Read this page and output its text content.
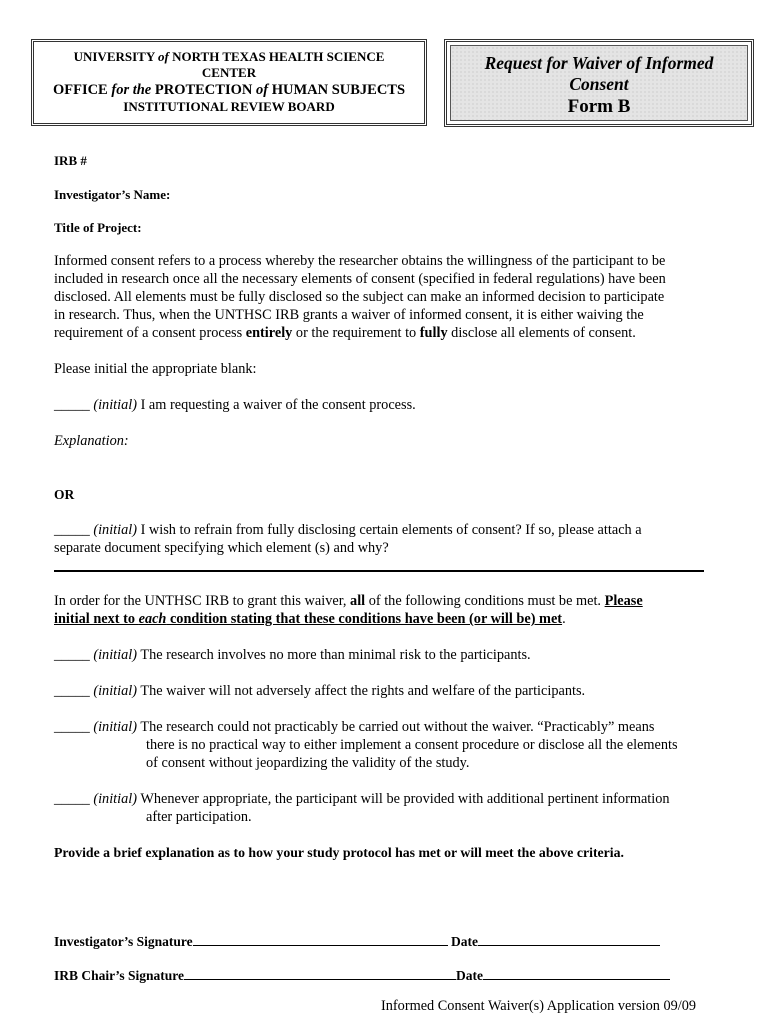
UNIVERSITY of NORTH TEXAS HEALTH SCIENCE
CENTER
OFFICE for the PROTECTION of HUMAN SUBJECTS
INSTITUTIONAL REVIEW BOARD
Request for Waiver of Informed
Consent
Form B
IRB #
Investigator’s Name:
Title of Project:
Informed consent refers to a process whereby the researcher obtains the willingness of the participant to be
included in research once all the necessary elements of consent (specified in federal regulations) have been
disclosed. All elements must be fully disclosed so the subject can make an informed decision to participate
in research. Thus, when the UNTHSC IRB grants a waiver of informed consent, it is either waiving the
requirement of a consent process entirely or the requirement to fully disclose all elements of consent.
Please initial the appropriate blank:
_____ (initial) I am requesting a waiver of the consent process.
Explanation:
OR
_____ (initial) I wish to refrain from fully disclosing certain elements of consent? If so, please attach a
separate document specifying which element (s) and why?
In order for the UNTHSC IRB to grant this waiver, all of the following conditions must be met. Please
initial next to each condition stating that these conditions have been (or will be) met.
_____ (initial) The research involves no more than minimal risk to the participants.
_____ (initial) The waiver will not adversely affect the rights and welfare of the participants.
_____ (initial) The research could not practicably be carried out without the waiver. “Practicably” means
there is no practical way to either implement a consent procedure or disclose all the elements
of consent without jeopardizing the validity of the study.
_____ (initial) Whenever appropriate, the participant will be provided with additional pertinent information
after participation.
Provide a brief explanation as to how your study protocol has met or will meet the above criteria.
Investigator’s Signature	Date
IRB Chair’s Signature	Date
Informed Consent Waiver(s) Application version 09/09
